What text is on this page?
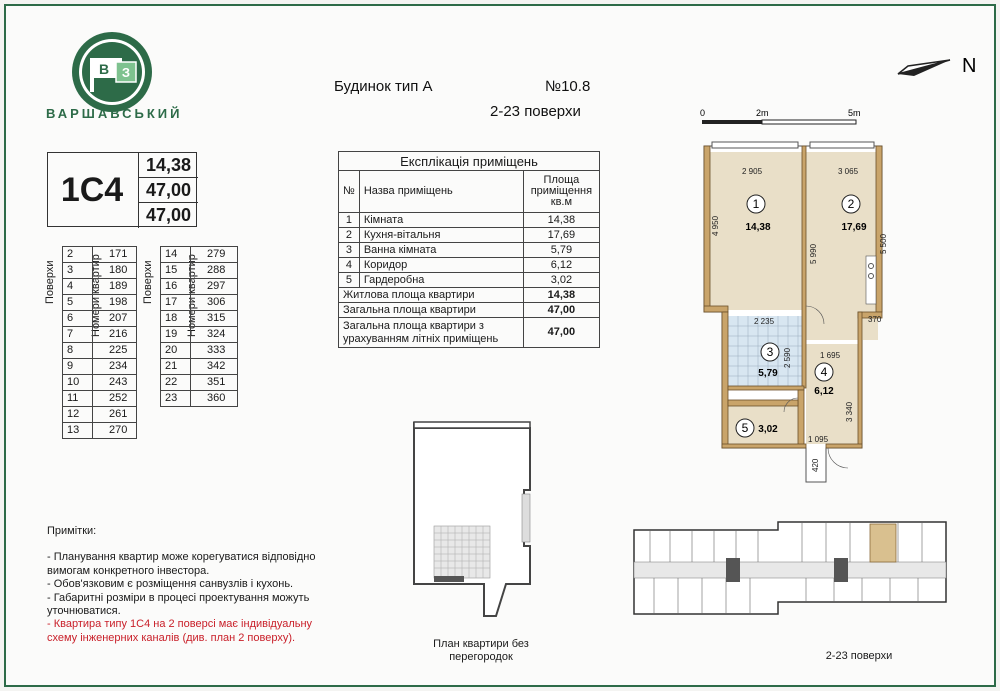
В З
ВАРШАВСЬКИЙ
Будинок тип А	№10.8
2-23 поверхи
1С4
14,38
47,00
47,00
Поверхи	Номери квартир
2	171
3	180
4	189
5	198
6	207
7	216
8	225
9	234
10	243
11	252
12	261
13	270
Поверхи	Номери квартир
14	279
15	288
16	297
17	306
18	315
19	324
20	333
21	342
22	351
23	360
Експлікація приміщень		
№	Назва приміщень	Площа приміщення кв.м
1	Кімната	14,38
2	Кухня-вітальня	17,69
3	Ванна кімната	5,79
4	Коридор	6,12
5	Гардеробна	3,02
Житлова площа квартири		14,38
Загальна площа квартири		47,00
Загальна площа квартири з урахуванням літніх приміщень		47,00
Примітки:
- Планування квартир може корегуватися відповідно вимогам конкретного інвестора.
- Обов'язковим є розміщення санвузлів і кухонь.
- Габаритні розміри в процесі проектування можуть уточнюватися.
- Квартира типу 1С4 на 2 поверсі має індивідуальну схему інженерних каналів (див. план 2 поверху).
План квартири без перегородок
N
0	2m	5m
1	2
3
4
5
14,38	17,69
5,79
6,12
3,02
2 905	3 065
4 950
5 990	5 500
2 235
2 590
370
1 695
3 340
1 095
420
2-23 поверхи
